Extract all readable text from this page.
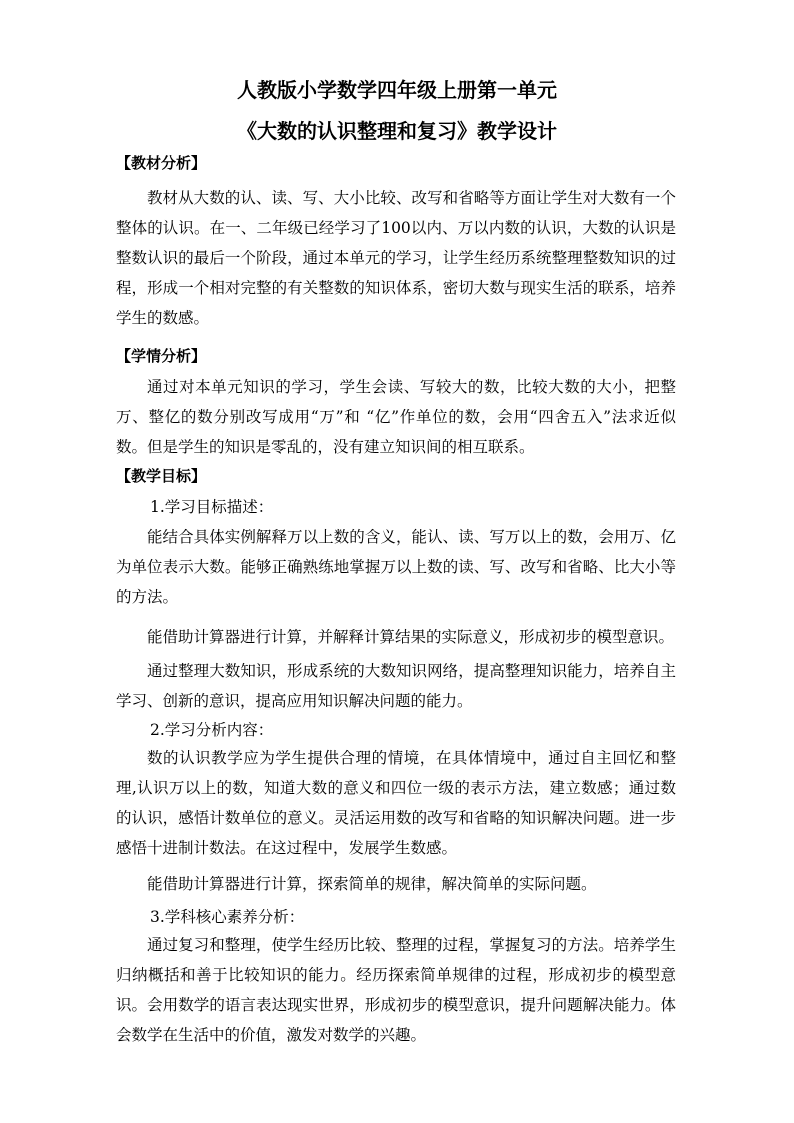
人教版小学数学四年级上册第一单元
《大数的认识整理和复习》教学设计
【教材分析】

教材从大数的认、读、写、大小比较、改写和省略等方面让学生对大数有一个整体的认识。在一、二年级已经学习了100以内、万以内数的认识，大数的认识是整数认识的最后一个阶段，通过本单元的学习，让学生经历系统整理整数知识的过程，形成一个相对完整的有关整数的知识体系，密切大数与现实生活的联系，培养学生的数感。

【学情分析】

通过对本单元知识的学习，学生会读、写较大的数，比较大数的大小，把整万、整亿的数分别改写成用“万”和 “亿”作单位的数，会用“四舍五入”法求近似数。但是学生的知识是零乱的，没有建立知识间的相互联系。

【教学目标】

1.学习目标描述：

能结合具体实例解释万以上数的含义，能认、读、写万以上的数，会用万、亿为单位表示大数。能够正确熟练地掌握万以上数的读、写、改写和省略、比大小等的方法。

能借助计算器进行计算，并解释计算结果的实际意义，形成初步的模型意识。

通过整理大数知识，形成系统的大数知识网络，提高整理知识能力，培养自主学习、创新的意识，提高应用知识解决问题的能力。

2.学习分析内容：

数的认识教学应为学生提供合理的情境，在具体情境中，通过自主回忆和整理,认识万以上的数，知道大数的意义和四位一级的表示方法，建立数感；通过数的认识，感悟计数单位的意义。灵活运用数的改写和省略的知识解决问题。进一步感悟十进制计数法。在这过程中，发展学生数感。

能借助计算器进行计算，探索简单的规律，解决简单的实际问题。

3.学科核心素养分析：

通过复习和整理，使学生经历比较、整理的过程，掌握复习的方法。培养学生归纳概括和善于比较知识的能力。经历探索简单规律的过程，形成初步的模型意识。会用数学的语言表达现实世界，形成初步的模型意识，提升问题解决能力。体会数学在生活中的价值，激发对数学的兴趣。
